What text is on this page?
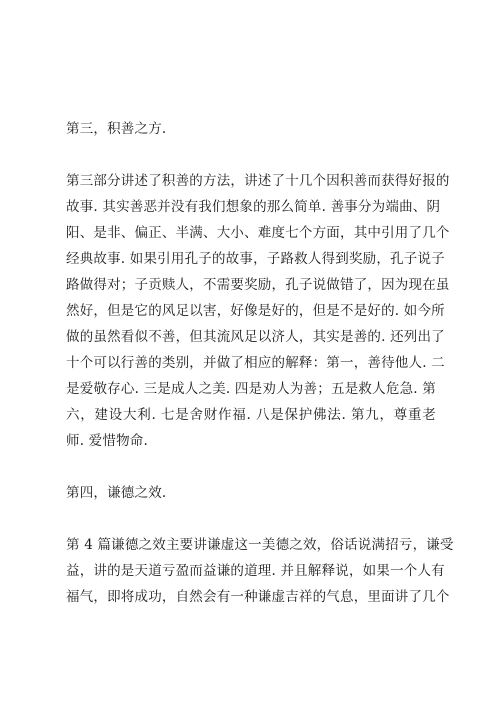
第三，积善之方.
第三部分讲述了积善的方法，讲述了十几个因积善而获得好报的
故事. 其实善恶并没有我们想象的那么简单. 善事分为端曲、阴
阳、是非、偏正、半满、大小、难度七个方面，其中引用了几个
经典故事. 如果引用孔子的故事，子路救人得到奖励，孔子说子
路做得对；子贡赎人，不需要奖励，孔子说做错了，因为现在虽
然好，但是它的风足以害，好像是好的，但是不是好的. 如今所
做的虽然看似不善，但其流风足以济人，其实是善的. 还列出了
十个可以行善的类别，并做了相应的解释：第一，善待他人. 二
是爱敬存心. 三是成人之美. 四是劝人为善；五是救人危急. 第
六，建设大利. 七是舍财作福. 八是保护佛法. 第九，尊重老
师. 爱惜物命.
第四，谦德之效.
第 4 篇谦德之效主要讲谦虚这一美德之效，俗话说满招亏，谦受
益，讲的是天道亏盈而益谦的道理. 并且解释说，如果一个人有
福气，即将成功，自然会有一种谦虚吉祥的气息，里面讲了几个
